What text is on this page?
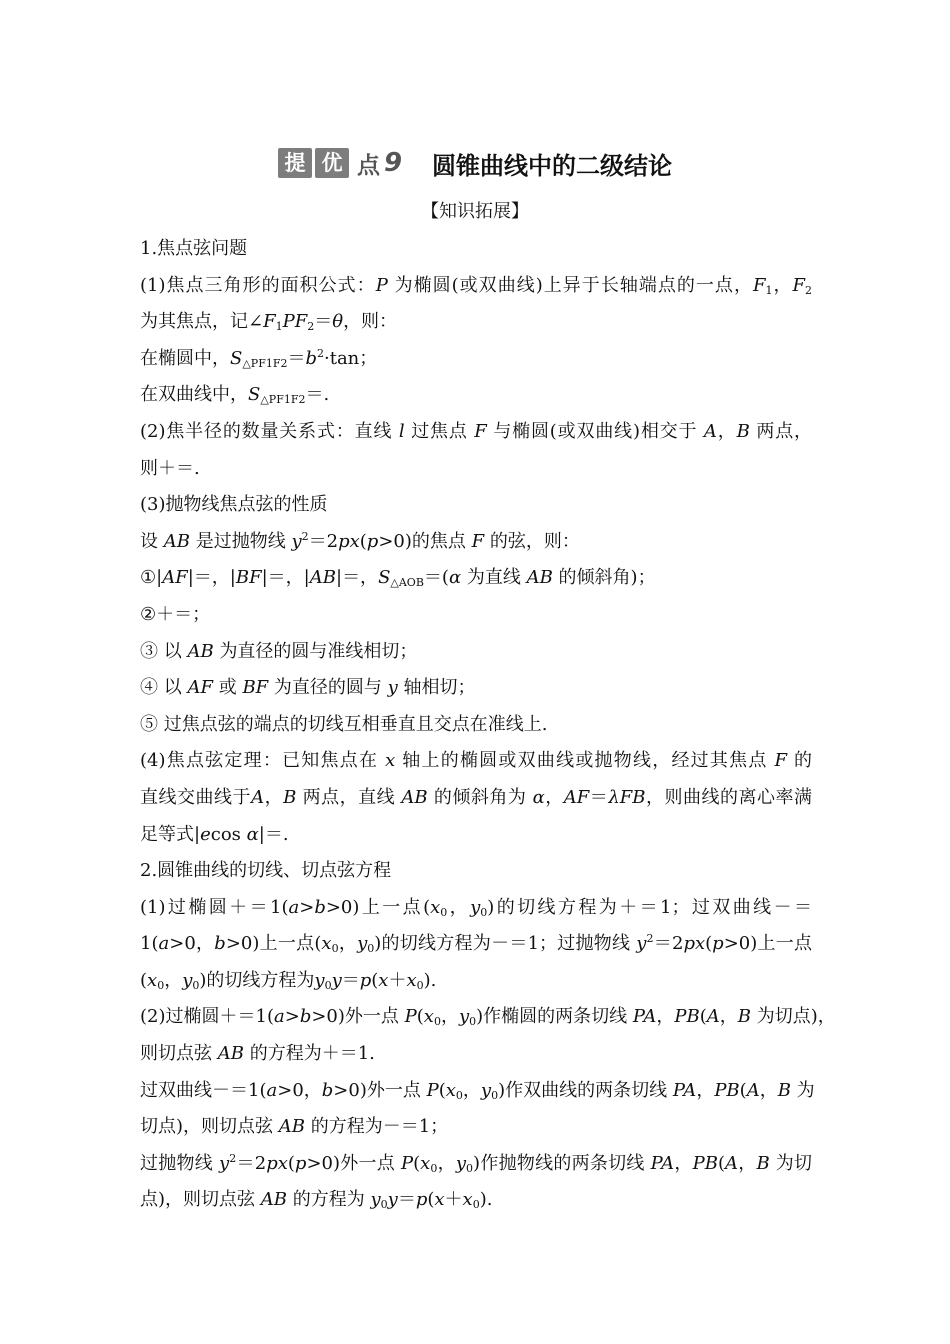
提 优 点 9 圆锥曲线中的二级结论
【知识拓展】
1.焦点弦问题
(1)焦点三角形的面积公式：P 为椭圆(或双曲线)上异于长轴端点的一点，$F_1$，$F_2$
为其焦点，记$\angle F_1PF_2=\theta$，则：
在椭圆中，$S_{\triangle PF1F2}=b^2\cdot\tan$；
在双曲线中，$S_{\triangle PF1F2}=$.
(2)焦半径的数量关系式：直线 l 过焦点 F 与椭圆(或双曲线)相交于 A，B 两点，
则＋＝.
(3)抛物线焦点弦的性质
设 AB 是过抛物线 $y^2=2px(p>0)$的焦点 F 的弦，则：
①|AF|＝，|BF|＝，|AB|＝，$S_{\triangle AOB}=(\alpha$ 为直线 AB 的倾斜角)；
②＋＝；
③ 以 AB 为直径的圆与准线相切；
④ 以 AF 或 BF 为直径的圆与 y 轴相切；
⑤ 过焦点弦的端点的切线互相垂直且交点在准线上.
(4)焦点弦定理：已知焦点在 x 轴上的椭圆或双曲线或抛物线，经过其焦点 F 的
直线交曲线于A，B 两点，直线 AB 的倾斜角为 α，AF＝λFB，则曲线的离心率满
足等式|ecos α|＝.
2.圆锥曲线的切线、切点弦方程
(1)过椭圆＋＝1(a>b>0)上一点($x_0$，$y_0$)的切线方程为＋＝1；过双曲线－＝
1(a>0，b>0)上一点($x_0$，$y_0$)的切线方程为－＝1；过抛物线 $y^2=2px(p>0)$上一点
($x_0$，$y_0$)的切线方程为$y_0y=p(x+x_0)$.
(2)过椭圆＋＝1(a>b>0)外一点 $P(x_0$，$y_0$)作椭圆的两条切线 PA，PB(A，B 为切点)，
则切点弦 AB 的方程为＋＝1.
过双曲线－＝1(a>0，b>0)外一点 $P(x_0$，$y_0$)作双曲线的两条切线 PA，PB(A，B 为
切点)，则切点弦 AB 的方程为－＝1；
过抛物线 $y^2=2px(p>0)$外一点 $P(x_0$，$y_0$)作抛物线的两条切线 PA，PB(A，B 为切
点)，则切点弦 AB 的方程为 $y_0y=p(x+x_0)$.
